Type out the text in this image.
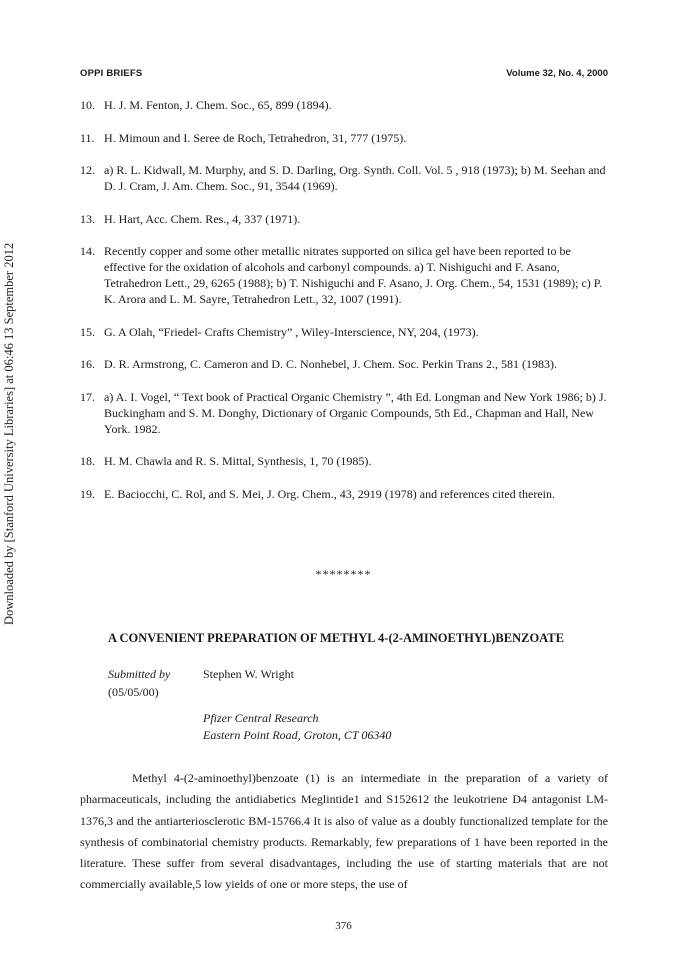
Downloaded by [Stanford University Libraries] at 06:46 13 September 2012
OPPI BRIEFS	Volume 32, No. 4, 2000
10. H. J. M. Fenton, J. Chem. Soc., 65, 899 (1894).
11. H. Mimoun and I. Seree de Roch, Tetrahedron, 31, 777 (1975).
12. a) R. L. Kidwall, M. Murphy, and S. D. Darling, Org. Synth. Coll. Vol. 5 , 918 (1973); b) M. Seehan and D. J. Cram, J. Am. Chem. Soc., 91, 3544 (1969).
13. H. Hart, Acc. Chem. Res., 4, 337 (1971).
14. Recently copper and some other metallic nitrates supported on silica gel have been reported to be effective for the oxidation of alcohols and carbonyl compounds. a) T. Nishiguchi and F. Asano, Tetrahedron Lett., 29, 6265 (1988); b) T. Nishiguchi and F. Asano, J. Org. Chem., 54, 1531 (1989); c) P. K. Arora and L. M. Sayre, Tetrahedron Lett., 32, 1007 (1991).
15. G. A Olah, “Friedel- Crafts Chemistry” , Wiley-Interscience, NY, 204, (1973).
16. D. R. Armstrong, C. Cameron and D. C. Nonhebel, J. Chem. Soc. Perkin Trans 2., 581 (1983).
17. a) A. I. Vogel, “ Text book of Practical Organic Chemistry ”, 4th Ed. Longman and New York 1986; b) J. Buckingham and S. M. Donghy, Dictionary of Organic Compounds, 5th Ed., Chapman and Hall, New York. 1982.
18. H. M. Chawla and R. S. Mittal, Synthesis, 1, 70 (1985).
19. E. Baciocchi, C. Rol, and S. Mei, J. Org. Chem., 43, 2919 (1978) and references cited therein.
********
A CONVENIENT PREPARATION OF METHYL 4-(2-AMINOETHYL)BENZOATE
Submitted by	Stephen W. Wright
(05/05/00)
Pfizer Central Research
Eastern Point Road, Groton, CT 06340
Methyl 4-(2-aminoethyl)benzoate (1) is an intermediate in the preparation of a variety of pharmaceuticals, including the antidiabetics Meglintide1 and S152612 the leukotriene D4 antagonist LM-1376,3 and the antiarteriosclerotic BM-15766.4 It is also of value as a doubly functionalized template for the synthesis of combinatorial chemistry products. Remarkably, few preparations of 1 have been reported in the literature. These suffer from several disadvantages, including the use of starting materials that are not commercially available,5 low yields of one or more steps, the use of
376
